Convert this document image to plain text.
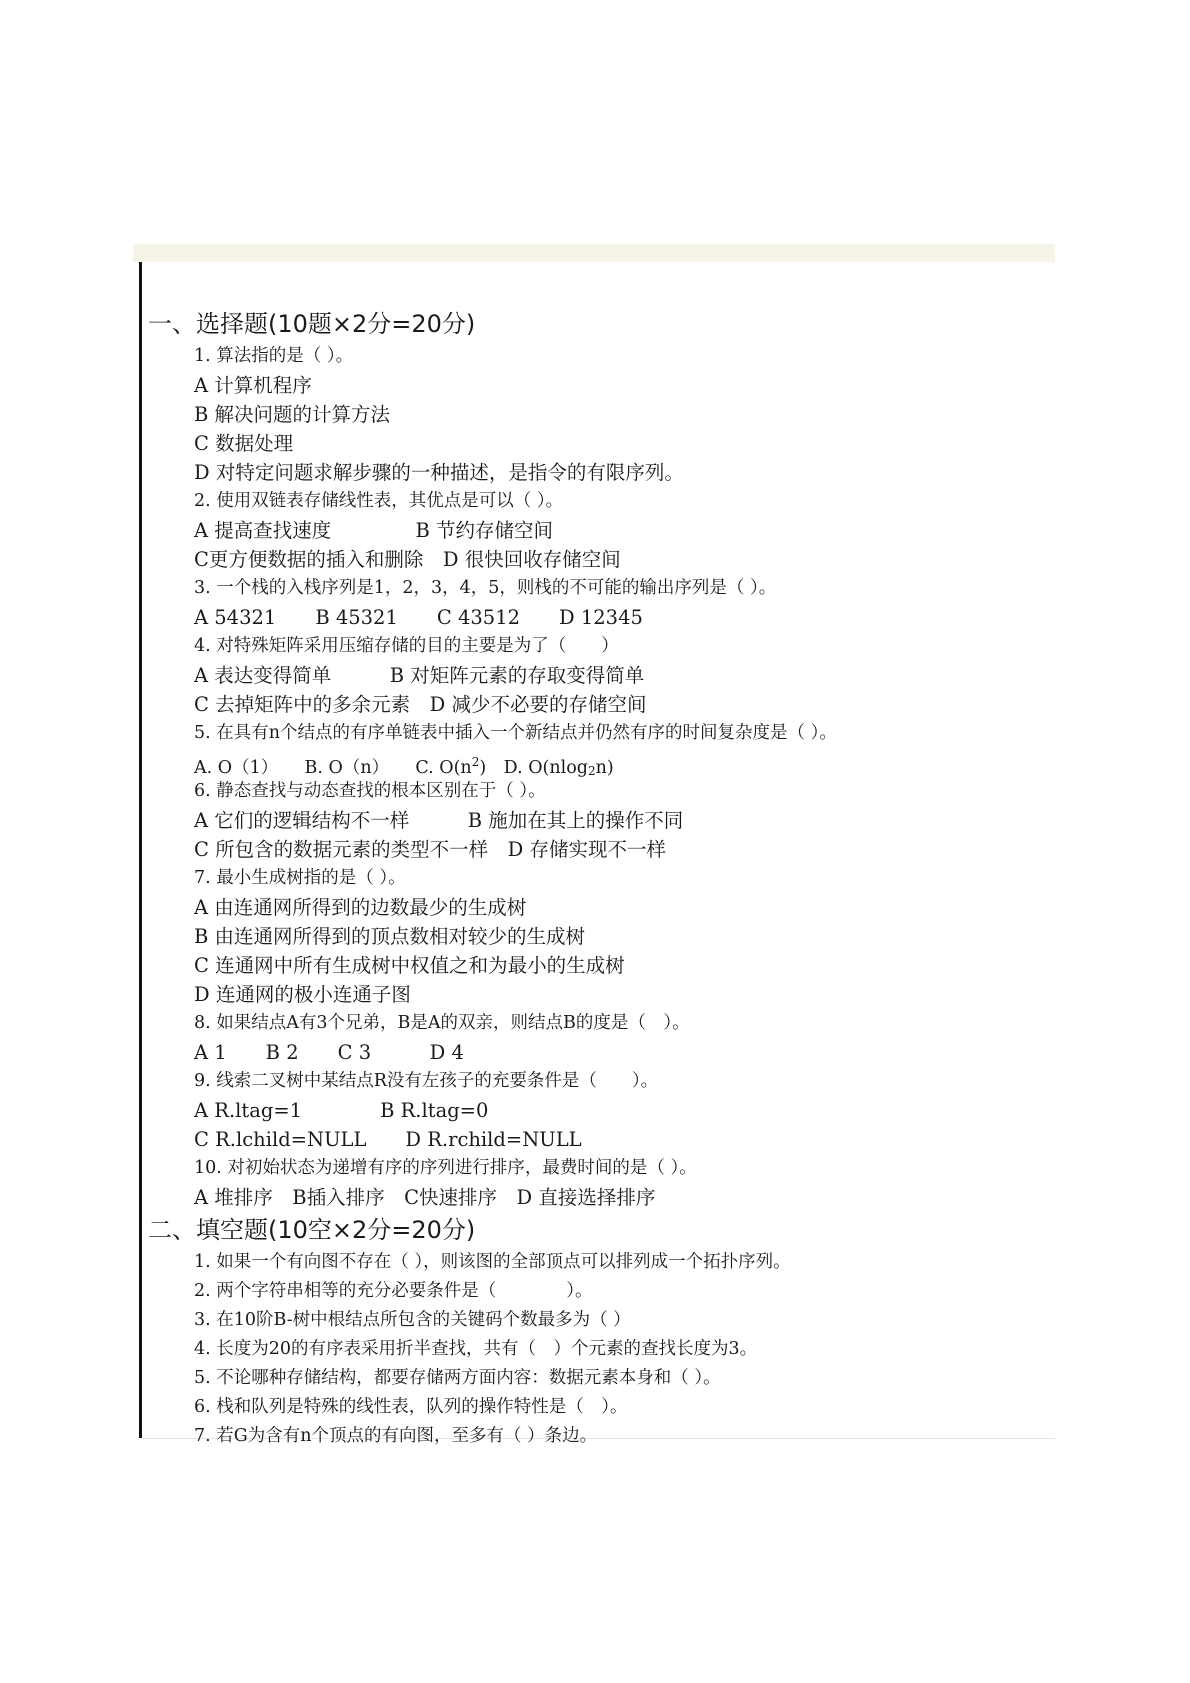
一、选择题(10题×2分=20分)
1. 算法指的是（ ）。
A 计算机程序
B 解决问题的计算方法
C 数据处理
D 对特定问题求解步骤的一种描述，是指令的有限序列。
2. 使用双链表存储线性表，其优点是可以（ ）。
A 提高查找速度　　　　 B 节约存储空间
C更方便数据的插入和删除　D 很快回收存储空间
3. 一个栈的入栈序列是1，2，3，4，5，则栈的不可能的输出序列是（ ）。
A 54321　　B 45321　　C 43512　　D 12345
4. 对特殊矩阵采用压缩存储的目的主要是为了（　　）
A 表达变得简单　　　B 对矩阵元素的存取变得简单
C 去掉矩阵中的多余元素　D 减少不必要的存储空间
5. 在具有n个结点的有序单链表中插入一个新结点并仍然有序的时间复杂度是（ ）。
A. O（1）　　B. O（n）　　C. $O(n^2)$　D. O(nlog2n)
6. 静态查找与动态查找的根本区别在于（ ）。
A 它们的逻辑结构不一样　　　B 施加在其上的操作不同
C 所包含的数据元素的类型不一样　D 存储实现不一样
7. 最小生成树指的是（ ）。
A 由连通网所得到的边数最少的生成树
B 由连通网所得到的顶点数相对较少的生成树
C 连通网中所有生成树中权值之和为最小的生成树
D 连通网的极小连通子图
8. 如果结点A有3个兄弟，B是A的双亲，则结点B的度是（　）。
A 1　　B 2　　C 3　　　D 4
9. 线索二叉树中某结点R没有左孩子的充要条件是（　　）。
A R.ltag=1　　　　B R.ltag=0
C R.lchild=NULL　　D R.rchild=NULL
10. 对初始状态为递增有序的序列进行排序，最费时间的是（ ）。
A 堆排序　B插入排序　C快速排序　D 直接选择排序
二、填空题(10空×2分=20分)
1. 如果一个有向图不存在（ ），则该图的全部顶点可以排列成一个拓扑序列。
2. 两个字符串相等的充分必要条件是（　　　　）。
3. 在10阶B-树中根结点所包含的关键码个数最多为（ ）
4. 长度为20的有序表采用折半查找，共有（　）个元素的查找长度为3。
5. 不论哪种存储结构，都要存储两方面内容：数据元素本身和（ ）。
6. 栈和队列是特殊的线性表，队列的操作特性是（　）。
7. 若G为含有n个顶点的有向图，至多有（ ）条边。
